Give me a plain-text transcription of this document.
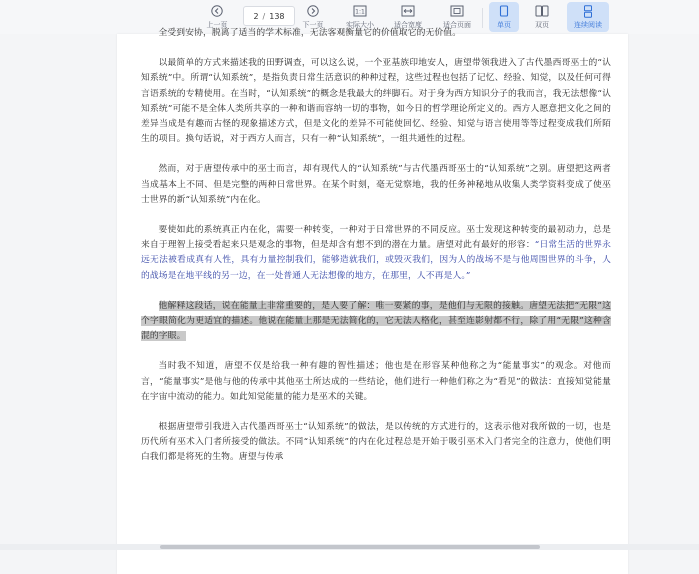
上一页
2 / 138
下一页
1:1
实际大小	适合宽度	适合页面	单页	双页	连续阅读

全受到安协，脱离了适当的学术标准，无法客观衡量它的价值取它的无价值。

以最简单的方式来描述我的田野调查，可以这么说，一个亚基族印地安人，唐望带领我进入了古代墨西哥巫士的“认知系统”中。所谓“认知系统”，是指负责日常生活意识的种种过程，这些过程也包括了记忆、经验、知觉，以及任何可得言语系统的专精使用。在当时，“认知系统”的概念是我最大的绊脚石。对于身为西方知识分子的我而言，我无法想像“认知系统”可能不是全体人类所共享的一种和谐而容纳一切的事物，如今日的哲学理论所定义的。西方人愿意把文化之间的差异当成是有趣而古怪的现象描述方式，但是文化的差异不可能使回忆、经验、知觉与语言使用等等过程变成我们所陌生的项目。换句话说，对于西方人而言，只有一种“认知系统”，一组共通性的过程。

然而，对于唐望传承中的巫士而言，却有现代人的“认知系统”与古代墨西哥巫士的“认知系统”之别。唐望把这两者当成基本上不同、但是完整的两种日常世界。在某个时刻，毫无觉察地，我的任务神秘地从收集人类学资料变成了使巫士世界的新“认知系统”内在化。

要使如此的系统真正内在化，需要一种转变，一种对于日常世界的不同反应。巫士发现这种转变的最初动力，总是来自于理智上接受看起来只是观念的事物，但是却含有想不到的潜在力量。唐望对此有最好的形容：“日常生活的世界永远无法被看成真有人性，具有力量控制我们，能够造就我们，或毁灭我们，因为人的战场不是与他周围世界的斗争，人的战场是在地平线的另一边，在一处普通人无法想像的地方，在那里，人不再是人。”

他解释这段话，说在能量上非常重要的，是人要了解：唯一要紧的事，是他们与无限的接触。唐望无法把“无限”这个字眼简化为更适宜的描述。他说在能量上那是无法简化的，它无法人格化，甚至连影射都不行，除了用“无限”这种含混的字眼。

当时我不知道，唐望不仅是给我一种有趣的智性描述；他也是在形容某种他称之为“能量事实”的观念。对他而言，“能量事实”是他与他的传承中其他巫士所达成的一些结论，他们进行一种他们称之为“看见”的做法：直接知觉能量在宇宙中流动的能力。如此知觉能量的能力是巫术的关键。

根据唐望带引我进入古代墨西哥巫士“认知系统”的做法，是以传统的方式进行的，这表示他对我所做的一切，也是历代所有巫术入门者所接受的做法。不同“认知系统”的内在化过程总是开始于吸引巫术入门者完全的注意力，使他们明白我们都是将死的生物。唐望与传承
